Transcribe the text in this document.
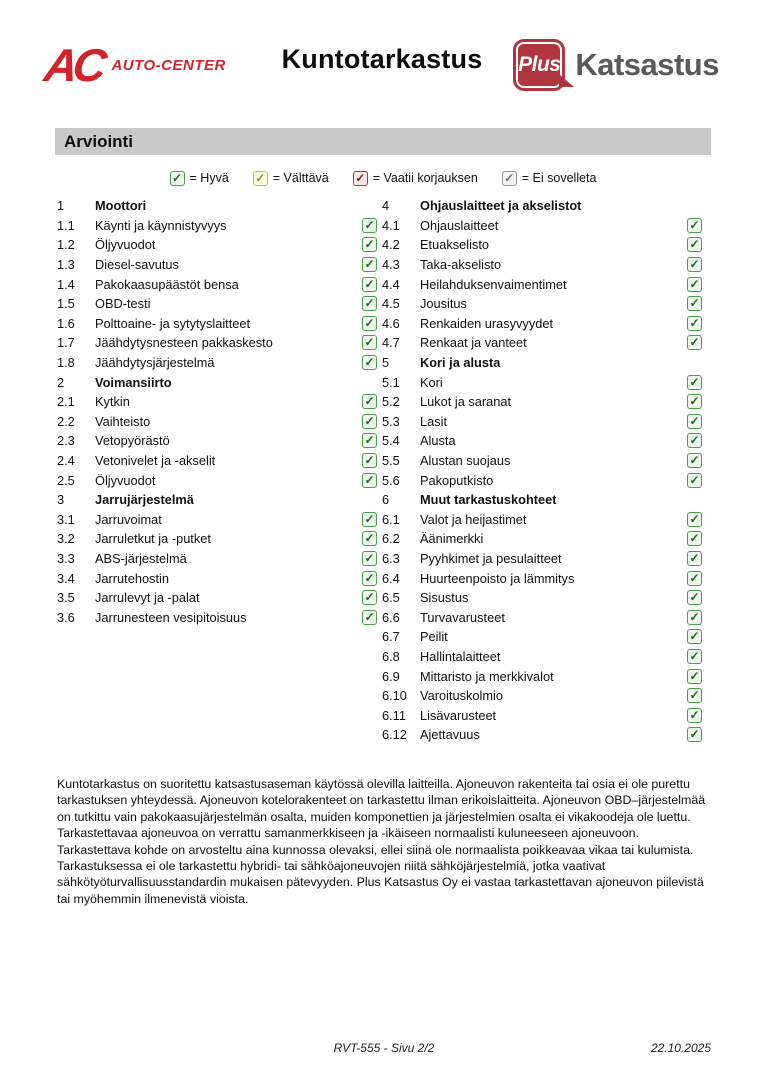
AC AUTO-CENTER	Kuntotarkastus	Plus Katsastus
Arviointi
✓ = Hyvä ✓ = Välttävä ✓ = Vaatii korjauksen ✓ = Ei sovelleta
1	Moottori
1.1	Käynti ja käynnistyvyys	✓
1.2	Öljyvuodot	✓
1.3	Diesel-savutus	✓
1.4	Pakokaasupäästöt bensa	✓
1.5	OBD-testi	✓
1.6	Polttoaine- ja sytytyslaitteet	✓
1.7	Jäähdytysnesteen pakkaskesto	✓
1.8	Jäähdytysjärjestelmä	✓
2	Voimansiirto
2.1	Kytkin	✓
2.2	Vaihteisto	✓
2.3	Vetopyörästö	✓
2.4	Vetonivelet ja -akselit	✓
2.5	Öljyvuodot	✓
3	Jarrujärjestelmä
3.1	Jarruvoimat	✓
3.2	Jarruletkut ja -putket	✓
3.3	ABS-järjestelmä	✓
3.4	Jarrutehostin	✓
3.5	Jarrulevyt ja -palat	✓
3.6	Jarrunesteen vesipitoisuus	✓
4	Ohjauslaitteet ja akselistot
4.1	Ohjauslaitteet	✓
4.2	Etuakselisto	✓
4.3	Taka-akselisto	✓
4.4	Heilahduksenvaimentimet	✓
4.5	Jousitus	✓
4.6	Renkaiden urasyvyydet	✓
4.7	Renkaat ja vanteet	✓
5	Kori ja alusta
5.1	Kori	✓
5.2	Lukot ja saranat	✓
5.3	Lasit	✓
5.4	Alusta	✓
5.5	Alustan suojaus	✓
5.6	Pakoputkisto	✓
6	Muut tarkastuskohteet
6.1	Valot ja heijastimet	✓
6.2	Äänimerkki	✓
6.3	Pyyhkimet ja pesulaitteet	✓
6.4	Huurteenpoisto ja lämmitys	✓
6.5	Sisustus	✓
6.6	Turvavarusteet	✓
6.7	Peilit	✓
6.8	Hallintalaitteet	✓
6.9	Mittaristo ja merkkivalot	✓
6.10	Varoituskolmio	✓
6.11	Lisävarusteet	✓
6.12	Ajettavuus	✓
Kuntotarkastus on suoritettu katsastusaseman käytössä olevilla laitteilla. Ajoneuvon rakenteita tai osia ei ole purettu tarkastuksen yhteydessä. Ajoneuvon kotelorakenteet on tarkastettu ilman erikoislaitteita. Ajoneuvon OBD–järjestelmää on tutkittu vain pakokaasujärjestelmän osalta, muiden komponettien ja järjestelmien osalta ei vikakoodeja ole luettu. Tarkastettavaa ajoneuvoa on verrattu samanmerkkiseen ja -ikäiseen normaalisti kuluneeseen ajoneuvoon. Tarkastettava kohde on arvosteltu aina kunnossa olevaksi, ellei siinä ole normaalista poikkeavaa vikaa tai kulumista. Tarkastuksessa ei ole tarkastettu hybridi- tai sähköajoneuvojen niitä sähköjärjestelmiä, jotka vaativat sähkötyöturvallisuusstandardin mukaisen pätevyyden. Plus Katsastus Oy ei vastaa tarkastettavan ajoneuvon piilevistä tai myöhemmin ilmenevistä vioista.
RVT-555 - Sivu 2/2	22.10.2025
